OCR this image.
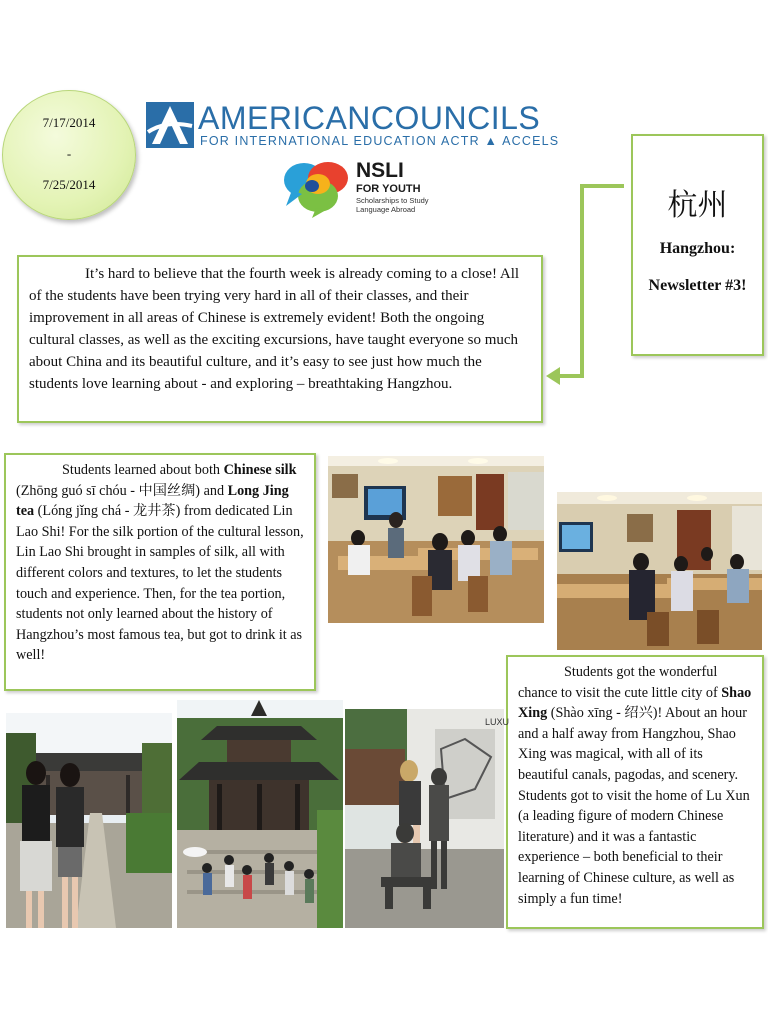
7/17/2014
-
7/25/2014
AMERICANCOUNCILS
FOR INTERNATIONAL EDUCATION ACTR ▲ ACCELS
NSLI
FOR YOUTH
Scholarships to Study
Language Abroad	杭州
Hangzhou:
Newsletter #3!

It’s hard to believe that the fourth week is already coming to a close! All of the students have been trying very hard in all of their classes, and their improvement in all areas of Chinese is extremely evident! Both the ongoing cultural classes, as well as the exciting excursions, have taught everyone so much about China and its beautiful culture, and it’s easy to see just how much the students love learning about - and exploring – breathtaking Hangzhou.

Students learned about both Chinese silk (Zhōng guó sī chóu - 中国丝绸) and Long Jing tea (Lóng jǐng chá - 龙井茶) from dedicated Lin Lao Shi! For the silk portion of the cultural lesson, Lin Lao Shi brought in samples of silk, all with different colors and textures, to let the students touch and experience. Then, for the tea portion, students not only learned about the history of Hangzhou’s most famous tea, but got to drink it as well!

Students got the wonderful chance to visit the cute little city of Shao Xing (Shào xīng - 绍兴)! About an hour and a half away from Hangzhou, Shao Xing was magical, with all of its beautiful canals, pagodas, and scenery. Students got to visit the home of Lu Xun (a leading figure of modern Chinese literature) and it was a fantastic experience – both beneficial to their learning of Chinese culture, as well as simply a fun time!

LUXU
